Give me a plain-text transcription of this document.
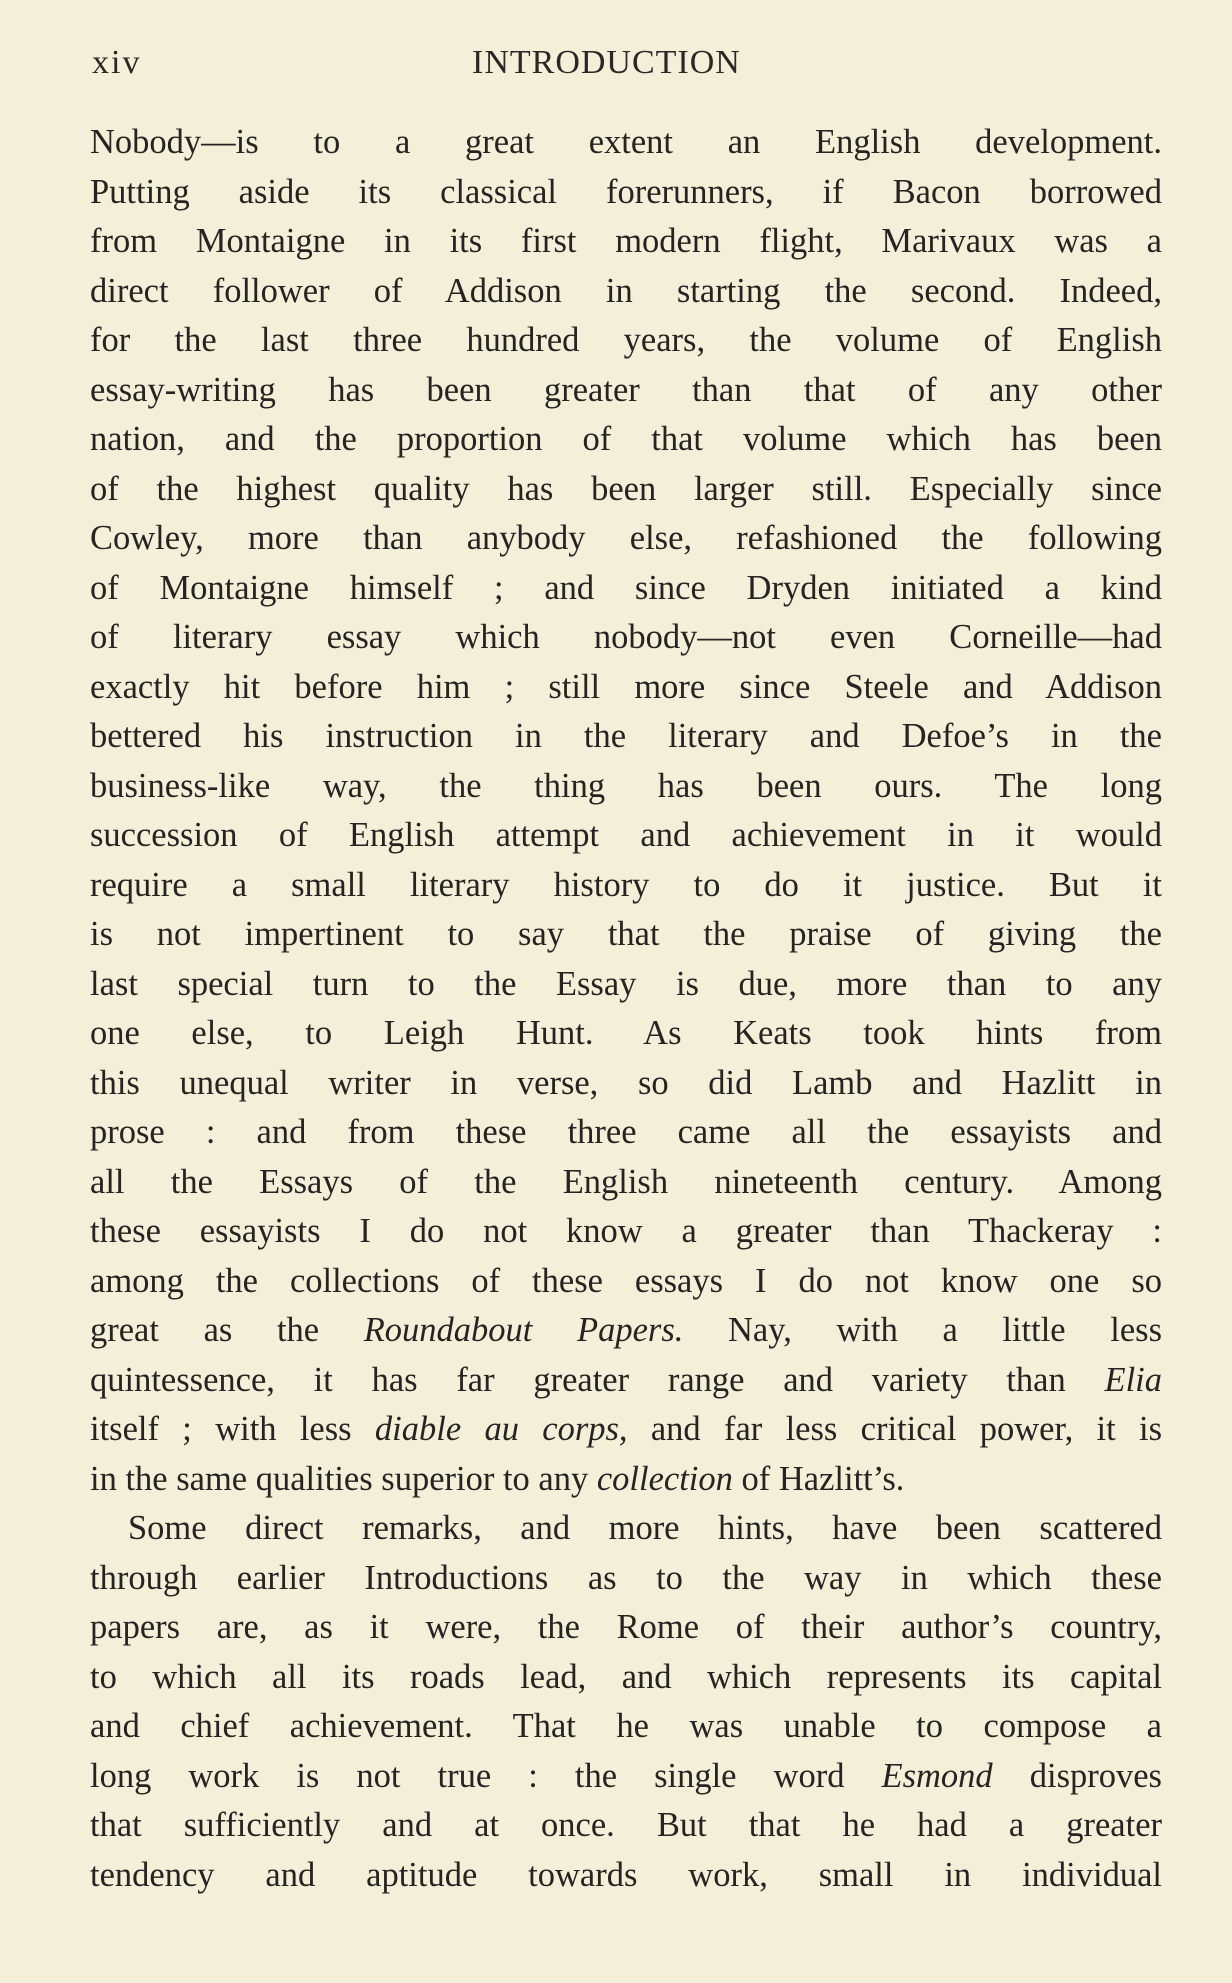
xiv	INTRODUCTION
Nobody—is to a great extent an English development.
Putting aside its classical forerunners, if Bacon borrowed
from Montaigne in its first modern flight, Marivaux was a
direct follower of Addison in starting the second. Indeed,
for the last three hundred years, the volume of English
essay-writing has been greater than that of any other
nation, and the proportion of that volume which has been
of the highest quality has been larger still. Especially since
Cowley, more than anybody else, refashioned the following
of Montaigne himself ; and since Dryden initiated a kind
of literary essay which nobody—not even Corneille—had
exactly hit before him ; still more since Steele and Addison
bettered his instruction in the literary and Defoe’s in the
business-like way, the thing has been ours. The long
succession of English attempt and achievement in it would
require a small literary history to do it justice. But it
is not impertinent to say that the praise of giving the
last special turn to the Essay is due, more than to any
one else, to Leigh Hunt. As Keats took hints from
this unequal writer in verse, so did Lamb and Hazlitt in
prose : and from these three came all the essayists and
all the Essays of the English nineteenth century. Among
these essayists I do not know a greater than Thackeray :
among the collections of these essays I do not know one so
great as the Roundabout Papers. Nay, with a little less
quintessence, it has far greater range and variety than Elia
itself ; with less diable au corps, and far less critical power, it is
in the same qualities superior to any collection of Hazlitt’s.
Some direct remarks, and more hints, have been scattered
through earlier Introductions as to the way in which these
papers are, as it were, the Rome of their author’s country,
to which all its roads lead, and which represents its capital
and chief achievement. That he was unable to compose a
long work is not true : the single word Esmond disproves
that sufficiently and at once. But that he had a greater
tendency and aptitude towards work, small in individual
